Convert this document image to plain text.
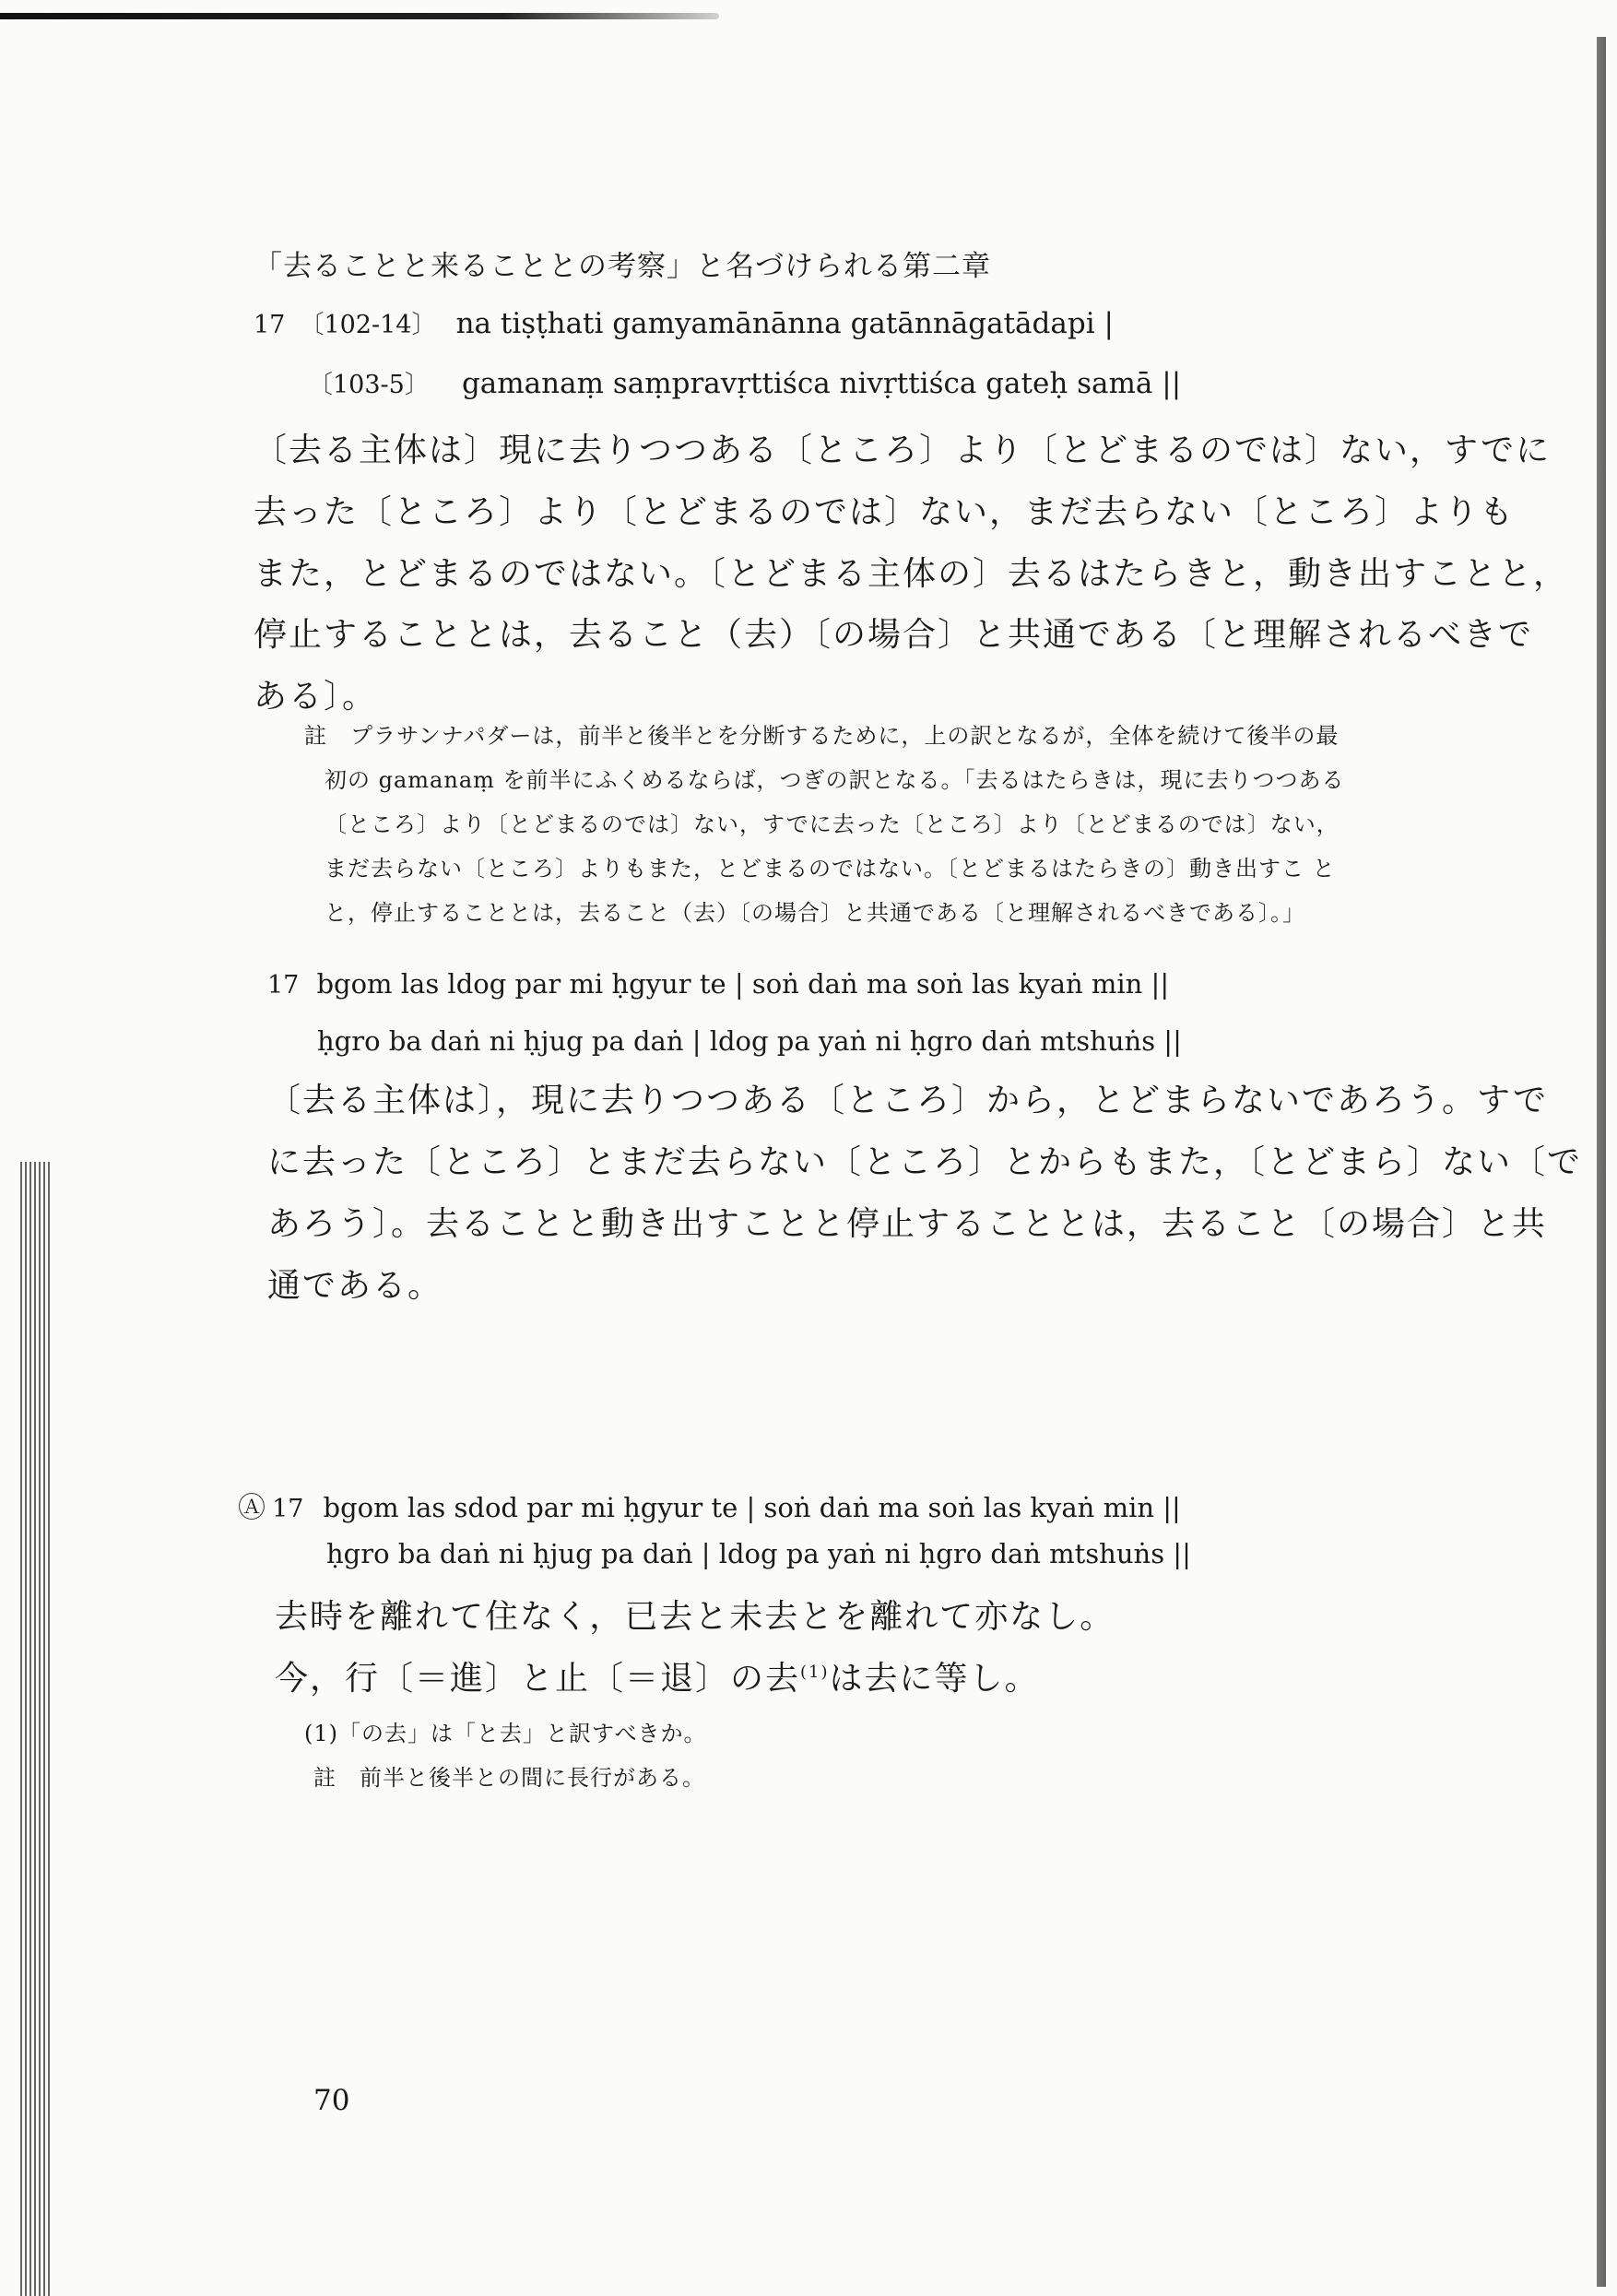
「去ることと来ることとの考察」と名づけられる第二章
17 〔102-14〕 na tiṣṭhati gamyamānānna gatānnāgatādapi |
〔103-5〕 gamanaṃ saṃpravṛttiśca nivṛttiśca gateḥ samā ||
〔去る主体は〕現に去りつつある〔ところ〕より〔とどまるのでは〕ない，すでに
去った〔ところ〕より〔とどまるのでは〕ない，まだ去らない〔ところ〕よりも
また，とどまるのではない。〔とどまる主体の〕去るはたらきと，動き出すことと，
停止することとは，去ること（去）〔の場合〕と共通である〔と理解されるべきで
ある〕。
註　プラサンナパダーは，前半と後半とを分断するために，上の訳となるが，全体を続けて後半の最
初の gamanaṃ を前半にふくめるならば，つぎの訳となる。「去るはたらきは，現に去りつつある
〔ところ〕より〔とどまるのでは〕ない，すでに去った〔ところ〕より〔とどまるのでは〕ない，
まだ去らない〔ところ〕よりもまた，とどまるのではない。〔とどまるはたらきの〕動き出すこ と
と，停止することとは，去ること（去）〔の場合〕と共通である〔と理解されるべきである〕。」
17 bgom las ldog par mi ḥgyur te | soṅ daṅ ma soṅ las kyaṅ min ||
ḥgro ba daṅ ni ḥjug pa daṅ | ldog pa yaṅ ni ḥgro daṅ mtshuṅs ||
〔去る主体は〕，現に去りつつある〔ところ〕から，とどまらないであろう。すで
に去った〔ところ〕とまだ去らない〔ところ〕とからもまた，〔とどまら〕ない〔で
あろう〕。去ることと動き出すことと停止することとは，去ること〔の場合〕と共
通である。
Ⓐ 17 bgom las sdod par mi ḥgyur te | soṅ daṅ ma soṅ las kyaṅ min ||
ḥgro ba daṅ ni ḥjug pa daṅ | ldog pa yaṅ ni ḥgro daṅ mtshuṅs ||
去時を離れて住なく，已去と未去とを離れて亦なし。
今，行〔＝進〕と止〔＝退〕の去$^{(1)}$は去に等し。
(1)「の去」は「と去」と訳すべきか。
註　前半と後半との間に長行がある。
70
